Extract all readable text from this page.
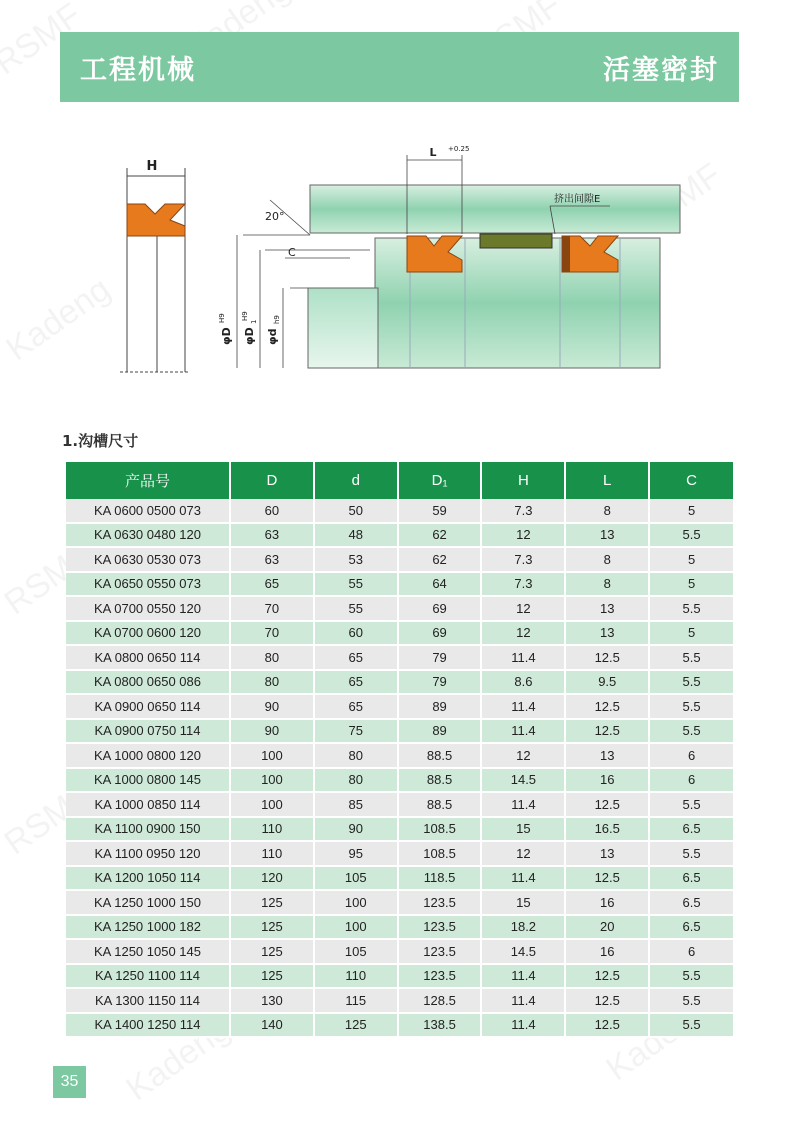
工程机械	活塞密封
H
L +0.25
20°
C
挤出间隙E
φD
H9
φD
1
H9
φd
h9
1.沟槽尺寸
产品号	D	d	D₁	H	L	C
KA 0600 0500 073	60	50	59	7.3	8	5
KA 0630 0480 120	63	48	62	12	13	5.5
KA 0630 0530 073	63	53	62	7.3	8	5
KA 0650 0550 073	65	55	64	7.3	8	5
KA 0700 0550 120	70	55	69	12	13	5.5
KA 0700 0600 120	70	60	69	12	13	5
KA 0800 0650 114	80	65	79	11.4	12.5	5.5
KA 0800 0650 086	80	65	79	8.6	9.5	5.5
KA 0900 0650 114	90	65	89	11.4	12.5	5.5
KA 0900 0750 114	90	75	89	11.4	12.5	5.5
KA 1000 0800 120	100	80	88.5	12	13	6
KA 1000 0800 145	100	80	88.5	14.5	16	6
KA 1000 0850 114	100	85	88.5	11.4	12.5	5.5
KA 1100 0900 150	110	90	108.5	15	16.5	6.5
KA 1100 0950 120	110	95	108.5	12	13	5.5
KA 1200 1050 114	120	105	118.5	11.4	12.5	6.5
KA 1250 1000 150	125	100	123.5	15	16	6.5
KA 1250 1000 182	125	100	123.5	18.2	20	6.5
KA 1250 1050 145	125	105	123.5	14.5	16	6
KA 1250 1100 114	125	110	123.5	11.4	12.5	5.5
KA 1300 1150 114	130	115	128.5	11.4	12.5	5.5
KA 1400 1250 114	140	125	138.5	11.4	12.5	5.5
35
